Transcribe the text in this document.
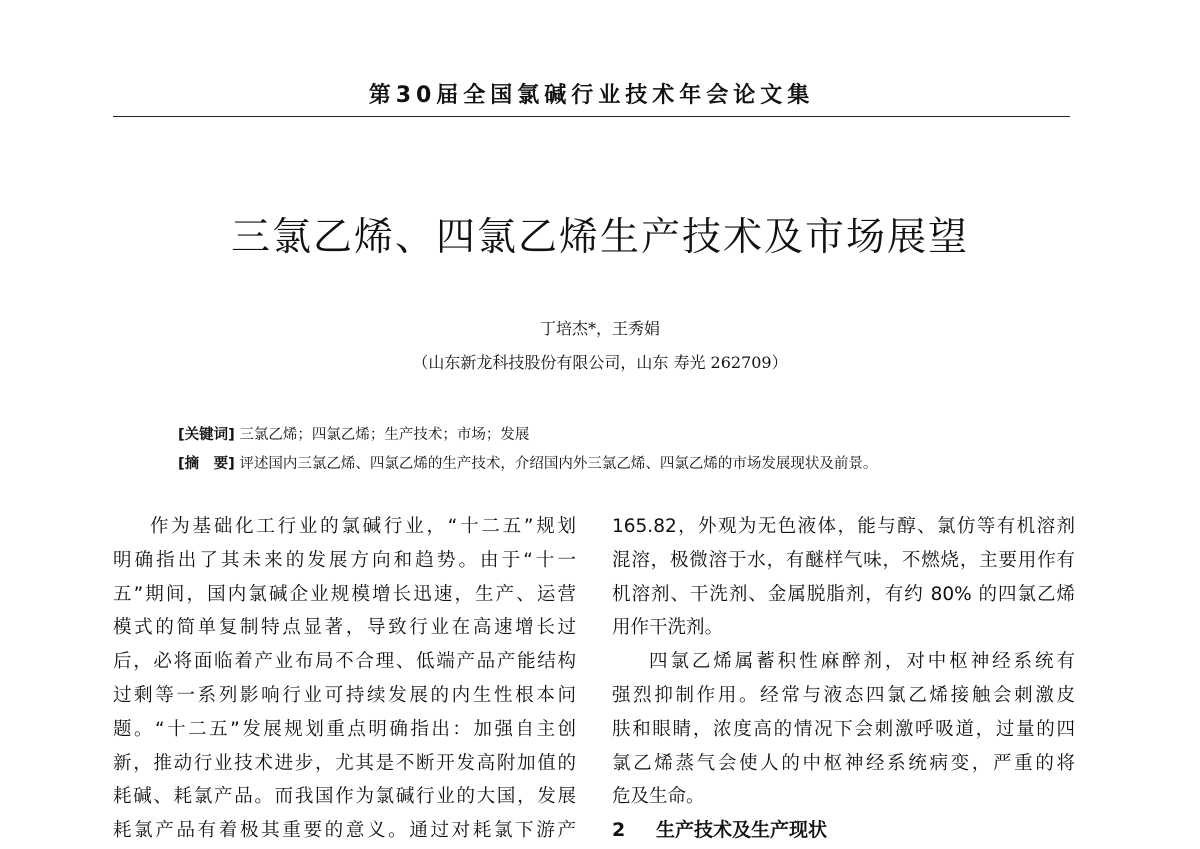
第30届全国氯碱行业技术年会论文集
三氯乙烯、四氯乙烯生产技术及市场展望
丁培杰*，王秀娟
（山东新龙科技股份有限公司，山东 寿光 262709）
[关键词] 三氯乙烯；四氯乙烯；生产技术；市场；发展
[摘　要] 评述国内三氯乙烯、四氯乙烯的生产技术，介绍国内外三氯乙烯、四氯乙烯的市场发展现状及前景。
作为基础化工行业的氯碱行业，“十二五”规划
明确指出了其未来的发展方向和趋势。由于“十一
五”期间，国内氯碱企业规模增长迅速，生产、运营
模式的简单复制特点显著，导致行业在高速增长过
后，必将面临着产业布局不合理、低端产品产能结构
过剩等一系列影响行业可持续发展的内生性根本问
题。“十二五”发展规划重点明确指出：加强自主创
新，推动行业技术进步，尤其是不断开发高附加值的
耗碱、耗氯产品。而我国作为氯碱行业的大国，发展
耗氯产品有着极其重要的意义。通过对耗氯下游产
165.82，外观为无色液体，能与醇、氯仿等有机溶剂
混溶，极微溶于水，有醚样气味，不燃烧，主要用作有
机溶剂、干洗剂、金属脱脂剂，有约 80% 的四氯乙烯
用作干洗剂。
四氯乙烯属蓄积性麻醉剂，对中枢神经系统有
强烈抑制作用。经常与液态四氯乙烯接触会刺激皮
肤和眼睛，浓度高的情况下会刺激呼吸道，过量的四
氯乙烯蒸气会使人的中枢神经系统病变，严重的将
危及生命。
2 生产技术及生产现状
